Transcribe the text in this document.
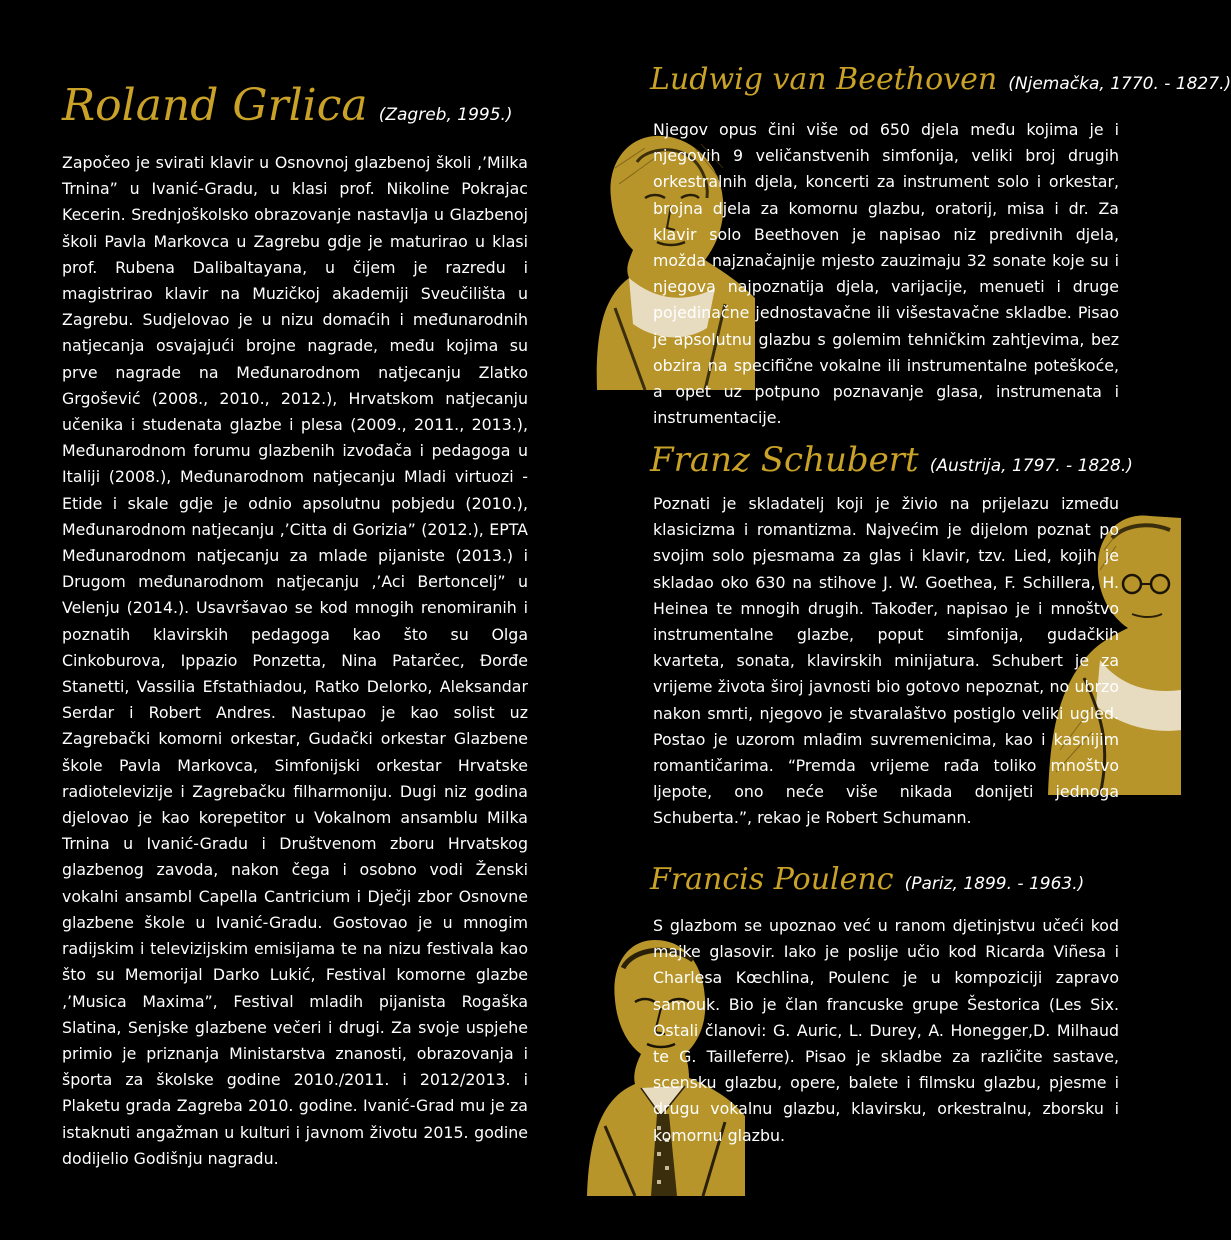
Roland Grlica (Zagreb, 1995.)

Započeo je svirati klavir u Osnovnoj glazbenoj školi ‚’Milka Trnina” u Ivanić-Gradu, u klasi prof. Nikoline Pokrajac Kecerin. Srednjoškolsko obrazovanje nastavlja u Glazbenoj školi Pavla Markovca u Zagrebu gdje je maturirao u klasi prof. Rubena Dalibaltayana, u čijem je razredu i magistrirao klavir na Muzičkoj akademiji Sveučilišta u Zagrebu. Sudjelovao je u nizu domaćih i međunarodnih natjecanja osvajajući brojne nagrade, među kojima su prve nagrade na Međunarodnom natjecanju Zlatko Grgošević (2008., 2010., 2012.), Hrvatskom natjecanju učenika i studenata glazbe i plesa (2009., 2011., 2013.), Međunarodnom forumu glazbenih izvođača i pedagoga u Italiji (2008.), Međunarodnom natjecanju Mladi virtuozi - Etide i skale gdje je odnio apsolutnu pobjedu (2010.), Međunarodnom natjecanju ‚’Citta di Gorizia” (2012.), EPTA Međunarodnom natjecanju za mlade pijaniste (2013.) i Drugom međunarodnom natjecanju ‚’Aci Bertoncelj” u Velenju (2014.). Usavršavao se kod mnogih renomiranih i poznatih klavirskih pedagoga kao što su Olga Cinkoburova, Ippazio Ponzetta, Nina Patarčec, Đorđe Stanetti, Vassilia Efstathiadou, Ratko Delorko, Aleksandar Serdar i Robert Andres. Nastupao je kao solist uz Zagrebački komorni orkestar, Gudački orkestar Glazbene škole Pavla Markovca, Simfonijski orkestar Hrvatske radiotelevizije i Zagrebačku filharmoniju. Dugi niz godina djelovao je kao korepetitor u Vokalnom ansamblu Milka Trnina u Ivanić-Gradu i Društvenom zboru Hrvatskog glazbenog zavoda, nakon čega i osobno vodi Ženski vokalni ansambl Capella Cantricium i Dječji zbor Osnovne glazbene škole u Ivanić-Gradu. Gostovao je u mnogim radijskim i televizijskim emisijama te na nizu festivala kao što su Memorijal Darko Lukić, Festival komorne glazbe ‚’Musica Maxima”, Festival mladih pijanista Rogaška Slatina, Senjske glazbene večeri i drugi. Za svoje uspjehe primio je priznanja Ministarstva znanosti, obrazovanja i športa za školske godine 2010./2011. i 2012/2013. i Plaketu grada Zagreba 2010. godine. Ivanić-Grad mu je za istaknuti angažman u kulturi i javnom životu 2015. godine dodijelio Godišnju nagradu.

Ludwig van Beethoven (Njemačka, 1770. - 1827.)

Njegov opus čini više od 650 djela među kojima je i njegovih 9 veličanstvenih simfonija, veliki broj drugih orkestralnih djela, koncerti za instrument solo i orkestar, brojna djela za komornu glazbu, oratorij, misa i dr. Za klavir solo Beethoven je napisao niz predivnih djela, možda najznačajnije mjesto zauzimaju 32 sonate koje su i njegova najpoznatija djela, varijacije, menueti i druge pojedinačne jednostavačne ili višestavačne skladbe. Pisao je apsolutnu glazbu s golemim tehničkim zahtjevima, bez obzira na specifične vokalne ili instrumentalne poteškoće, a opet uz potpuno poznavanje glasa, instrumenata i instrumentacije.

Franz Schubert (Austrija, 1797. - 1828.)

Poznati je skladatelj koji je živio na prijelazu između klasicizma i romantizma. Najvećim je dijelom poznat po svojim solo pjesmama za glas i klavir, tzv. Lied, kojih je skladao oko 630 na stihove J. W. Goethea, F. Schillera, H. Heinea te mnogih drugih. Također, napisao je i mnoštvo instrumentalne glazbe, poput simfonija, gudačkih kvarteta, sonata, klavirskih minijatura. Schubert je za vrijeme života široj javnosti bio gotovo nepoznat, no ubrzo nakon smrti, njegovo je stvaralaštvo postiglo veliki ugled. Postao je uzorom mlađim suvremenicima, kao i kasnijim romantičarima. “Premda vrijeme rađa toliko mnoštvo ljepote, ono neće više nikada donijeti jednoga Schuberta.”, rekao je Robert Schumann.

Francis Poulenc (Pariz, 1899. - 1963.)

S glazbom se upoznao već u ranom djetinjstvu učeći kod majke glasovir. Iako je poslije učio kod Ricarda Viñesa i Charlesa Kœchlina, Poulenc je u kompoziciji zapravo samouk. Bio je član francuske grupe Šestorica (Les Six. Ostali članovi: G. Auric, L. Durey, A. Honegger,D. Milhaud te G. Tailleferre). Pisao je skladbe za različite sastave, scensku glazbu, opere, balete i filmsku glazbu, pjesme i drugu vokalnu glazbu, klavirsku, orkestralnu, zborsku i komornu glazbu.
